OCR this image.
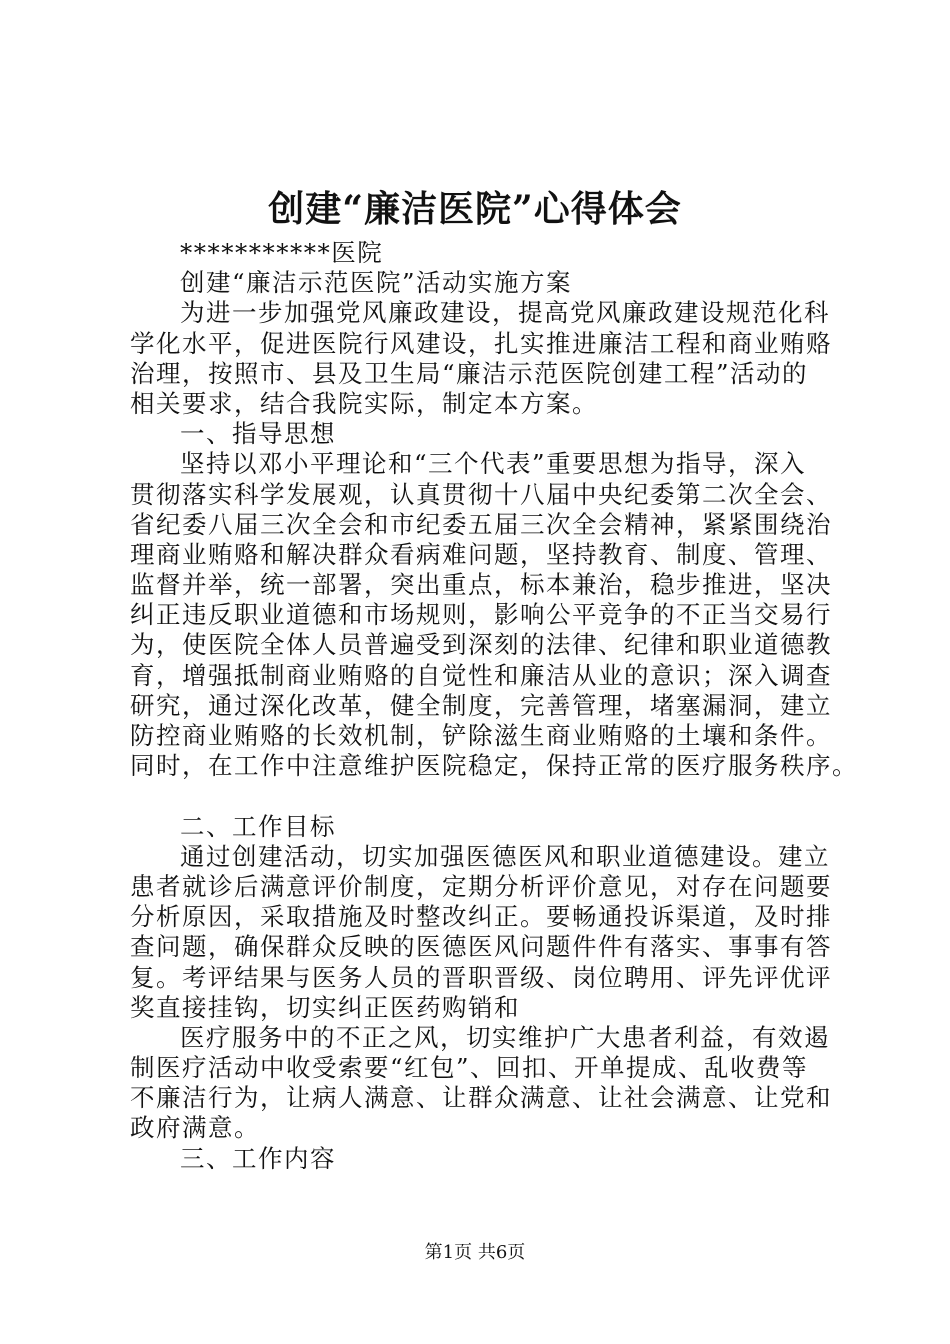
创建“廉洁医院”心得体会
***********医院
创建“廉洁示范医院”活动实施方案
为进一步加强党风廉政建设，提高党风廉政建设规范化科
学化水平，促进医院行风建设，扎实推进廉洁工程和商业贿赂
治理，按照市、县及卫生局“廉洁示范医院创建工程”活动的
相关要求，结合我院实际，制定本方案。
一、指导思想
坚持以邓小平理论和“三个代表”重要思想为指导，深入
贯彻落实科学发展观，认真贯彻十八届中央纪委第二次全会、
省纪委八届三次全会和市纪委五届三次全会精神，紧紧围绕治
理商业贿赂和解决群众看病难问题，坚持教育、制度、管理、
监督并举，统一部署，突出重点，标本兼治，稳步推进，坚决
纠正违反职业道德和市场规则，影响公平竞争的不正当交易行
为，使医院全体人员普遍受到深刻的法律、纪律和职业道德教
育，增强抵制商业贿赂的自觉性和廉洁从业的意识；深入调查
研究，通过深化改革，健全制度，完善管理，堵塞漏洞，建立
防控商业贿赂的长效机制，铲除滋生商业贿赂的土壤和条件。
同时，在工作中注意维护医院稳定，保持正常的医疗服务秩序。
二、工作目标
通过创建活动，切实加强医德医风和职业道德建设。建立
患者就诊后满意评价制度，定期分析评价意见，对存在问题要
分析原因，采取措施及时整改纠正。要畅通投诉渠道，及时排
查问题，确保群众反映的医德医风问题件件有落实、事事有答
复。考评结果与医务人员的晋职晋级、岗位聘用、评先评优评
奖直接挂钩，切实纠正医药购销和
医疗服务中的不正之风，切实维护广大患者利益，有效遏
制医疗活动中收受索要“红包”、回扣、开单提成、乱收费等
不廉洁行为，让病人满意、让群众满意、让社会满意、让党和
政府满意。
三、工作内容
第1页 共6页
